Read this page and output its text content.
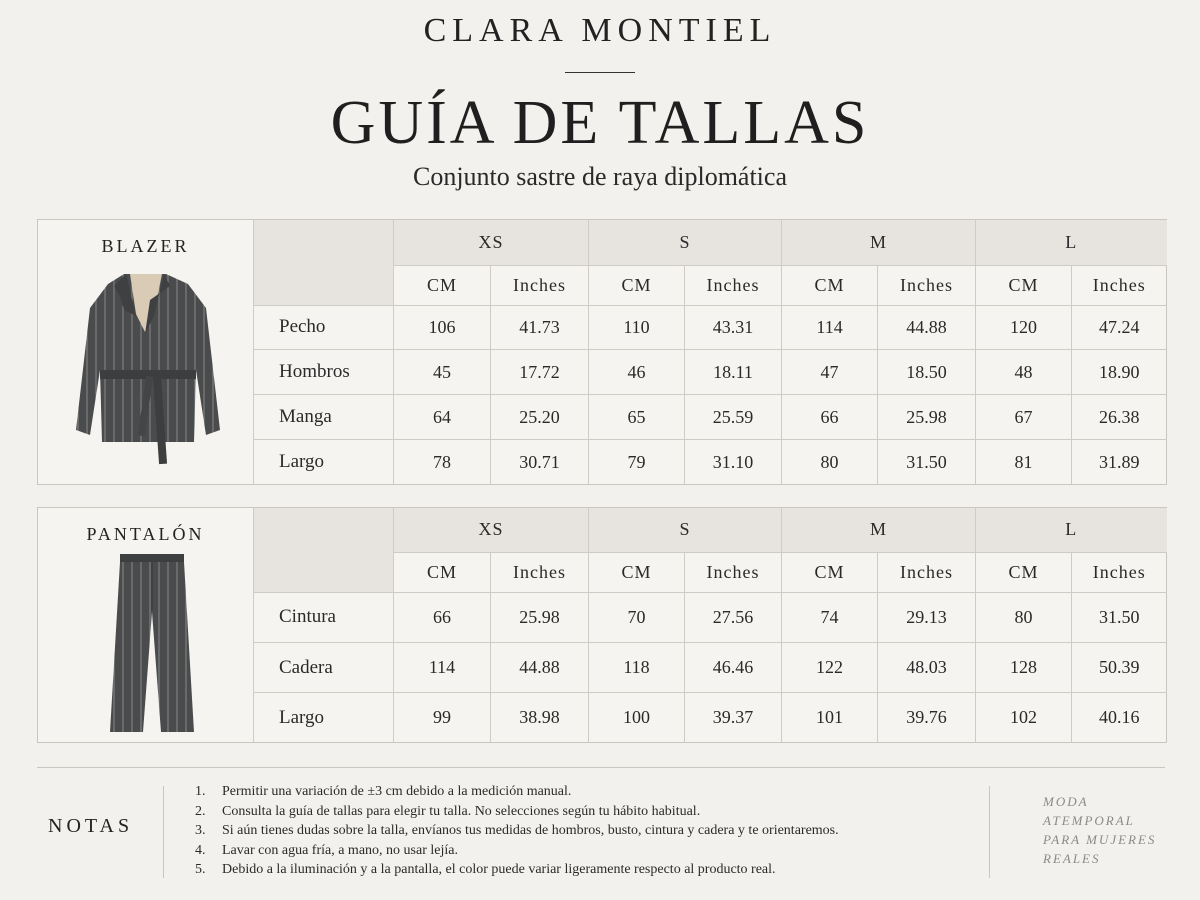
CLARA MONTIEL
GUÍA DE TALLAS
Conjunto sastre de raya diplomática
BLAZER
		XS		S		M		L	
	CM	Inches	CM	Inches	CM	Inches	CM	Inches
Pecho	106	41.73	110	43.31	114	44.88	120	47.24
Hombros	45	17.72	46	18.11	47	18.50	48	18.90
Manga	64	25.20	65	25.59	66	25.98	67	26.38
Largo	78	30.71	79	31.10	80	31.50	81	31.89
PANTALÓN
		XS		S		M		L	
	CM	Inches	CM	Inches	CM	Inches	CM	Inches
Cintura	66	25.98	70	27.56	74	29.13	80	31.50
Cadera	114	44.88	118	46.46	122	48.03	128	50.39
Largo	99	38.98	100	39.37	101	39.76	102	40.16
NOTAS
1. Permitir una variación de ±3 cm debido a la medición manual.
2. Consulta la guía de tallas para elegir tu talla. No selecciones según tu hábito habitual.
3. Si aún tienes dudas sobre la talla, envíanos tus medidas de hombros, busto, cintura y cadera y te orientaremos.
4. Lavar con agua fría, a mano, no usar lejía.
5. Debido a la iluminación y a la pantalla, el color puede variar ligeramente respecto al producto real.
MODA
ATEMPORAL
PARA MUJERES
REALES
